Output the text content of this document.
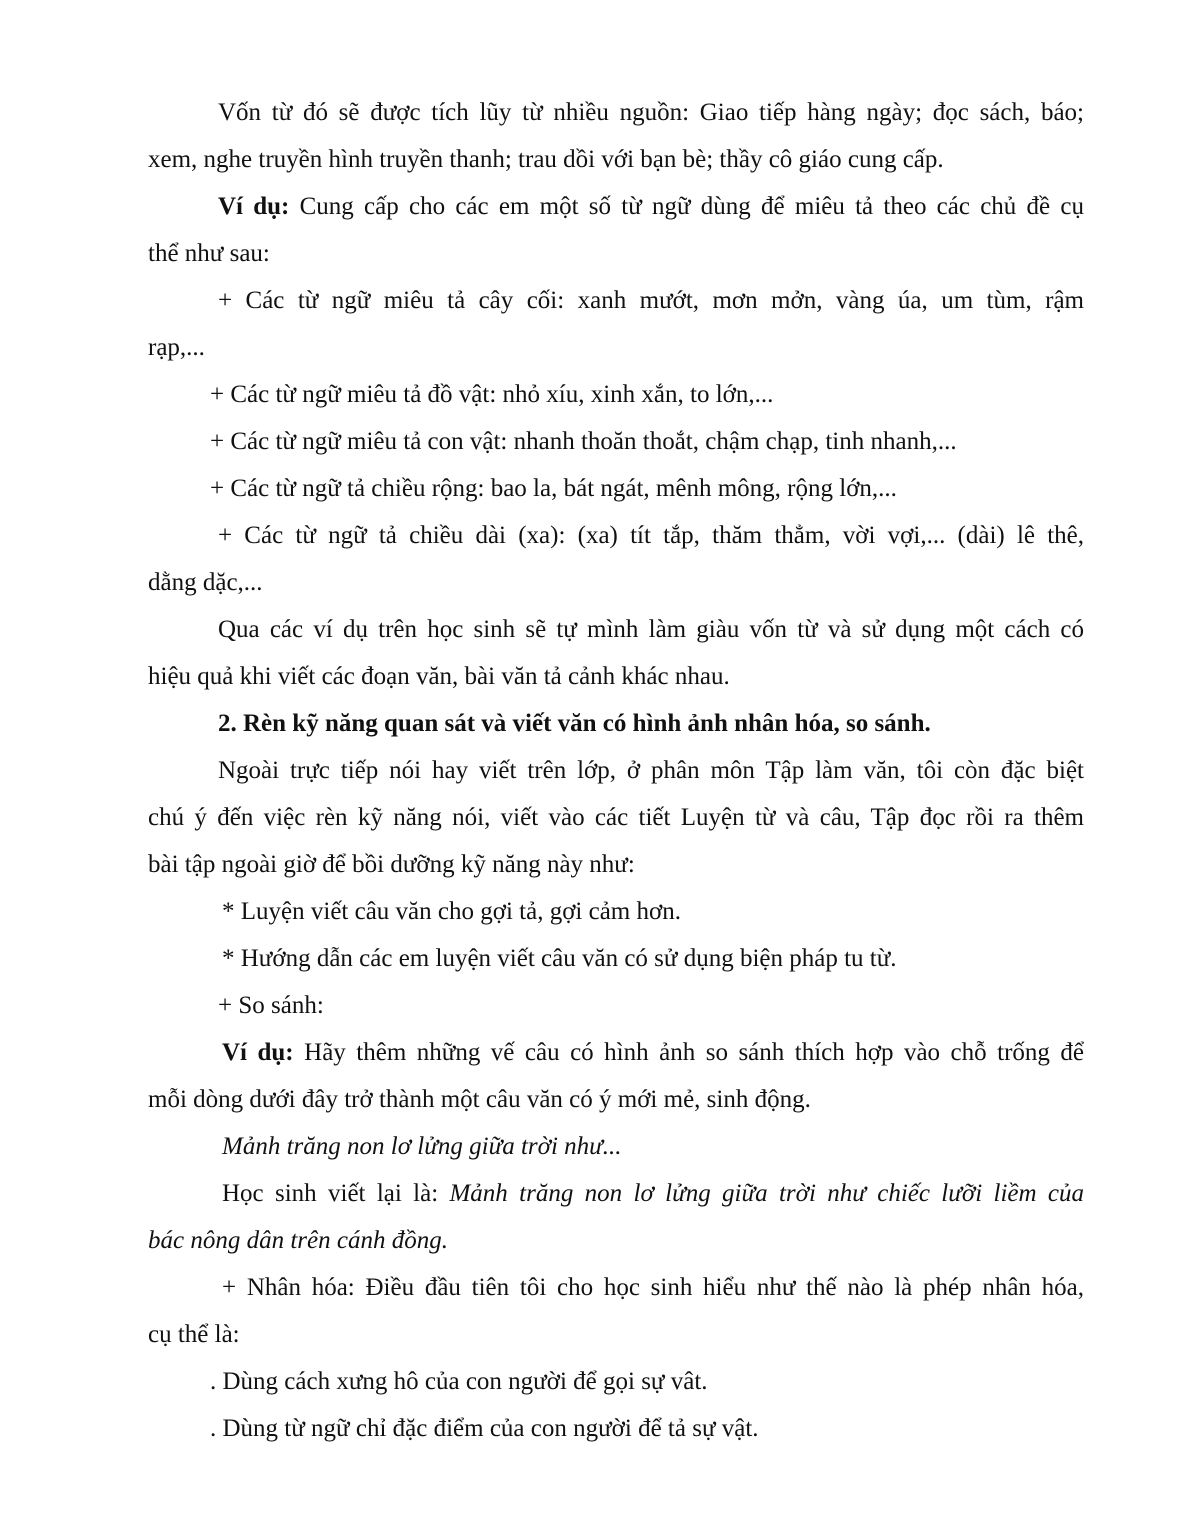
Vốn từ đó sẽ được tích lũy từ nhiều nguồn: Giao tiếp hàng ngày; đọc sách, báo;
xem, nghe truyền hình truyền thanh; trau dồi với bạn bè; thầy cô giáo cung cấp.
Ví dụ: Cung cấp cho các em một số từ ngữ dùng để miêu tả theo các chủ đề cụ
thể như sau:
+ Các từ ngữ miêu tả cây cối: xanh mướt, mơn mởn, vàng úa, um tùm, rậm
rạp,...
+ Các từ ngữ miêu tả đồ vật: nhỏ xíu, xinh xắn, to lớn,...
+ Các từ ngữ miêu tả con vật: nhanh thoăn thoắt, chậm chạp, tinh nhanh,...
+ Các từ ngữ tả chiều rộng: bao la, bát ngát, mênh mông, rộng lớn,...
+ Các từ ngữ tả chiều dài (xa): (xa) tít tắp, thăm thẳm, vời vợi,... (dài) lê thê,
dằng dặc,...
Qua các ví dụ trên học sinh sẽ tự mình làm giàu vốn từ và sử dụng một cách có
hiệu quả khi viết các đoạn văn, bài văn tả cảnh khác nhau.
2. Rèn kỹ năng quan sát và viết văn có hình ảnh nhân hóa, so sánh.
Ngoài trực tiếp nói hay viết trên lớp, ở phân môn Tập làm văn, tôi còn đặc biệt
chú ý đến việc rèn kỹ năng nói, viết vào các tiết Luyện từ và câu, Tập đọc rồi ra thêm
bài tập ngoài giờ để bồi dưỡng kỹ năng này như:
* Luyện viết câu văn cho gợi tả, gợi cảm hơn.
* Hướng dẫn các em luyện viết câu văn có sử dụng biện pháp tu từ.
+ So sánh:
Ví dụ: Hãy thêm những vế câu có hình ảnh so sánh thích hợp vào chỗ trống để
mỗi dòng dưới đây trở thành một câu văn có ý mới mẻ, sinh động.
Mảnh trăng non lơ lửng giữa trời như...
Học sinh viết lại là: Mảnh trăng non lơ lửng giữa trời như chiếc lưỡi liềm của
bác nông dân trên cánh đồng.
+ Nhân hóa: Điều đầu tiên tôi cho học sinh hiểu như thế nào là phép nhân hóa,
cụ thể là:
. Dùng cách xưng hô của con người để gọi sự vât.
. Dùng từ ngữ chỉ đặc điểm của con người để tả sự vật.
